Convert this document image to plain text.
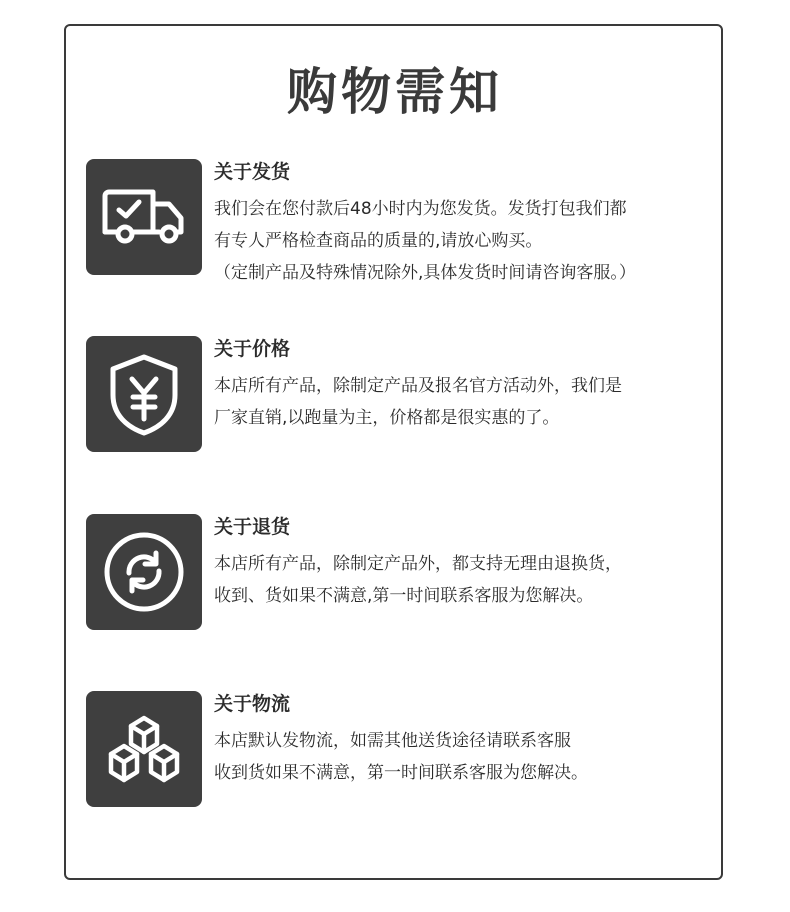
购物需知

关于发货

我们会在您付款后48小时内为您发货。发货打包我们都

有专人严格检查商品的质量的,请放心购买。

（定制产品及特殊情况除外,具体发货时间请咨询客服。）

关于价格

本店所有产品，除制定产品及报名官方活动外，我们是

厂家直销,以跑量为主，价格都是很实惠的了。

关于退货

本店所有产品，除制定产品外，都支持无理由退换货，

收到、货如果不满意,第一时间联系客服为您解决。

关于物流

本店默认发物流，如需其他送货途径请联系客服

收到货如果不满意，第一时间联系客服为您解决。
